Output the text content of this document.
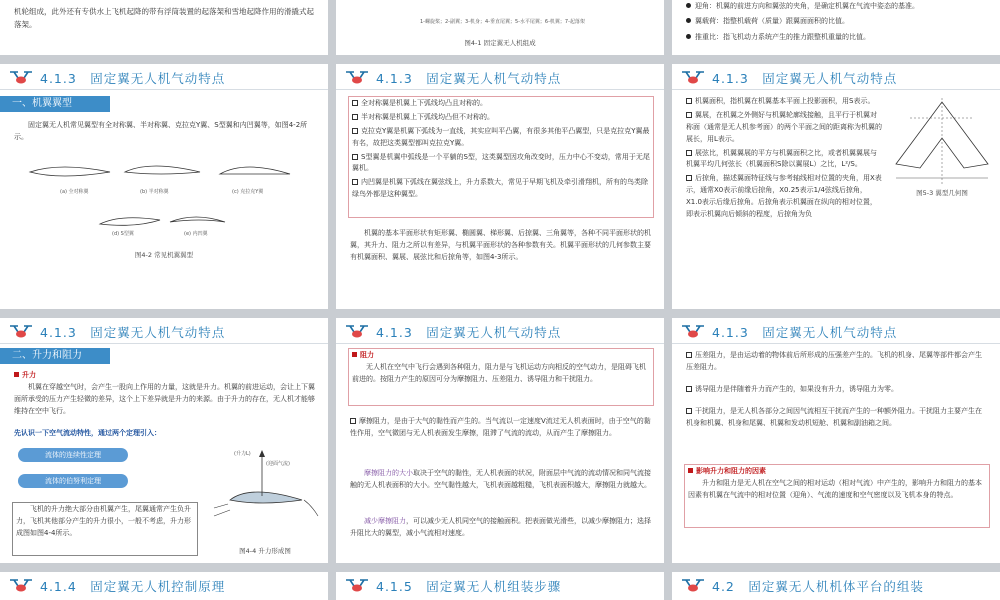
机轮组成，此外还有专供水上飞机起降的带有浮筒装置的起落架和雪地起降作用的滑撬式起落架。	1-螺旋桨；2-副翼；3-机身；4-垂直尾翼；5-水平尾翼；6-机翼；7-起落架
图4-1 固定翼无人机组成

迎角：机翼的前进方向和翼弦的夹角，是确定机翼在气流中姿态的基准。

翼载荷：指整机载荷（质量）跟翼面面积的比值。

推重比：指飞机动力系统产生的推力跟整机重量的比值。

4.1.3　固定翼无人机气动特点
一、机翼翼型
固定翼无人机常见翼型有全对称翼、半对称翼、克拉克Y翼、S型翼和内凹翼等，如图4-2所示。
(a) 全对称翼	(b) 半对称翼	(c) 克拉克Y翼
(d) S型翼	(e) 内凹翼
图4-2 常见机翼翼型
4.1.3　固定翼无人机气动特点

全对称翼是机翼上下弧线均凸且对称的。

半对称翼是机翼上下弧线均凸但不对称的。

克拉克Y翼是机翼下弧线为一直线，其实应叫平凸翼，有很多其他平凸翼型，只是克拉克Y翼最有名，故把这类翼型都叫克拉克Y翼。

S型翼是机翼中弧线是一个平躺的S型，这类翼型因攻角改变时，压力中心不变动，常用于无尾翼机。

内凹翼是机翼下弧线在翼弦线上，升力系数大，常见于早期飞机及牵引滑翔机，所有的鸟类除绿鸟外都是这种翼型。

机翼的基本平面形状有矩形翼、椭圆翼、梯形翼、后掠翼、三角翼等，各种不同平面形状的机翼，其升力、阻力之所以有差异，与机翼平面形状的各种参数有关。机翼平面形状的几何参数主要有机翼面积、翼展、展弦比和后掠角等，如图4-3所示。
4.1.3　固定翼无人机气动特点

机翼面积，指机翼在机翼基本平面上投影面积，用S表示。

翼展，在机翼之外侧好与机翼轮廓线接触，且平行于机翼对称面（通常是无人机参考面）的两个平面之间的距离称为机翼的展长，用L表示。

展弦比，机翼翼展的平方与机翼面积之比，或者机翼翼展与机翼平均几何弦长（机翼面积S除以翼展L）之比，L²/S。

后掠角，描述翼面特征线与参考轴线相对位置的夹角，用X表示，通常X0表示前缘后掠角，X0.25表示1/4弦线后掠角，X1.0表示后缘后掠角。后掠角表示机翼面在纵向的相对位置，即表示机翼向后倾斜的程度，后掠角为负

图5-3 翼型几何图
4.1.3　固定翼无人机气动特点
二、升力和阻力
升力
机翼在穿越空气时，会产生一股向上作用的力量，这就是升力。机翼的前进运动，会让上下翼面所承受的压力产生轻微的差异，这个上下差异就是升力的来源。由于升力的存在，无人机才能够维持在空中飞行。
先认识一下空气流动特性，通过两个定理引入：
流体的连续性定理
流体的伯努利定理
飞机的升力绝大部分由机翼产生，尾翼通常产生负升力，飞机其他部分产生的升力很小，一般不考虑，升力形成图如图4-4所示。
(升力L)
(迎面气流)
图4-4 升力形成图
4.1.3　固定翼无人机气动特点
阻力
无人机在空气中飞行会遇到各种阻力，阻力是与飞机运动方向相反的空气动力，是阻碍飞机前进的。按阻力产生的原因可分为摩擦阻力、压差阻力、诱导阻力和干扰阻力。
摩擦阻力，是由于大气的黏性而产生的。当气流以一定速度V流过无人机表面时，由于空气的黏性作用，空气微团与无人机表面发生摩擦，阻滞了气流的流动，从而产生了摩擦阻力。
摩擦阻力的大小取决于空气的黏性，无人机表面的状况，附面层中气流的流动情况和同气流接触的无人机表面积的大小。空气黏性越大，飞机表面越粗糙，飞机表面积越大，摩擦阻力就越大。
减少摩擦阻力，可以减少无人机同空气的接触面积。把表面做光滑些，以减少摩擦阻力；选择升阻比大的翼型，减小气流相对速度。
4.1.3　固定翼无人机气动特点

压差阻力，是由运动着的物体前后所形成的压强差产生的。飞机的机身、尾翼等部件都会产生压差阻力。

诱导阻力是伴随着升力而产生的，如果没有升力，诱导阻力为零。

干扰阻力，是无人机各部分之间因气流相互干扰而产生的一种额外阻力。干扰阻力主要产生在机身和机翼、机身和尾翼、机翼和发动机短舱、机翼和副油箱之间。

影响升力和阻力的因素
升力和阻力是无人机在空气之间的相对运动（相对气流）中产生的，影响升力和阻力的基本因素有机翼在气流中的相对位置（迎角）、气流的速度和空气密度以及飞机本身的特点。
4.1.4　固定翼无人机控制原理	4.1.5　固定翼无人机组装步骤	4.2　固定翼无人机机体平台的组装
